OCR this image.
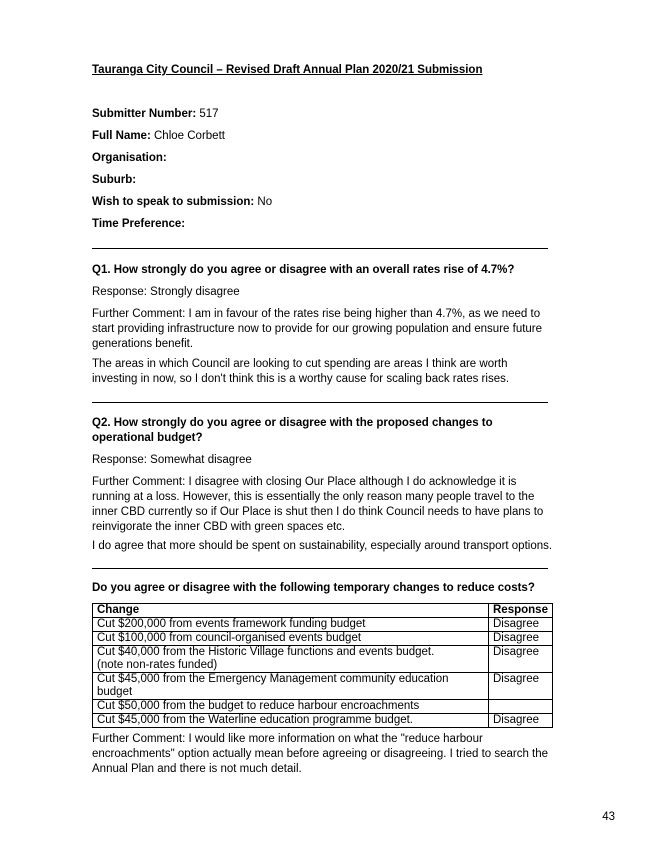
Tauranga City Council – Revised Draft Annual Plan 2020/21 Submission
Submitter Number: 517
Full Name: Chloe Corbett
Organisation:
Suburb:
Wish to speak to submission: No
Time Preference:
Q1. How strongly do you agree or disagree with an overall rates rise of 4.7%?
Response: Strongly disagree
Further Comment: I am in favour of the rates rise being higher than 4.7%, as we need to start providing infrastructure now to provide for our growing population and ensure future generations benefit.
The areas in which Council are looking to cut spending are areas I think are worth investing in now, so I don't think this is a worthy cause for scaling back rates rises.
Q2. How strongly do you agree or disagree with the proposed changes to operational budget?
Response: Somewhat disagree
Further Comment: I disagree with closing Our Place although I do acknowledge it is running at a loss. However, this is essentially the only reason many people travel to the inner CBD currently so if Our Place is shut then I do think Council needs to have plans to reinvigorate the inner CBD with green spaces etc.
I do agree that more should be spent on sustainability, especially around transport options.
Do you agree or disagree with the following temporary changes to reduce costs?
Change	Response
Cut $200,000 from events framework funding budget	Disagree
Cut $100,000 from council-organised events budget	Disagree

Cut $40,000 from the Historic Village functions and events budget.
(note non-rates funded)	Disagree
Cut $45,000 from the Emergency Management community education budget	Disagree
Cut $50,000 from the budget to reduce harbour encroachments	
Cut $45,000 from the Waterline education programme budget.	Disagree
Further Comment: I would like more information on what the "reduce harbour encroachments" option actually mean before agreeing or disagreeing. I tried to search the Annual Plan and there is not much detail.
43
